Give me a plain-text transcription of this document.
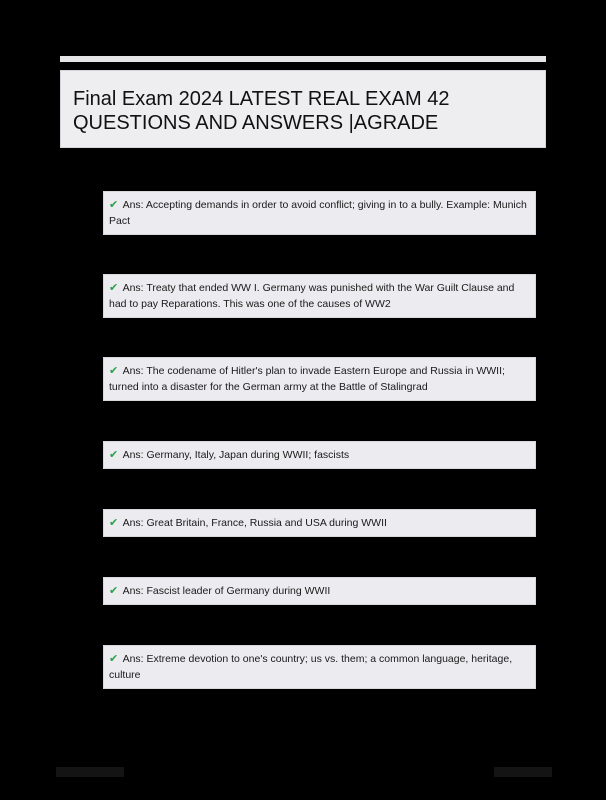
Final Exam 2024 LATEST REAL EXAM 42 QUESTIONS AND ANSWERS |AGRADE
✔ Ans: Accepting demands in order to avoid conflict; giving in to a bully. Example: Munich Pact
✔ Ans: Treaty that ended WW I. Germany was punished with the War Guilt Clause and had to pay Reparations. This was one of the causes of WW2
✔ Ans: The codename of Hitler's plan to invade Eastern Europe and Russia in WWII; turned into a disaster for the German army at the Battle of Stalingrad
✔ Ans: Germany, Italy, Japan during WWII; fascists
✔ Ans: Great Britain, France, Russia and USA during WWII
✔ Ans: Fascist leader of Germany during WWII
✔ Ans: Extreme devotion to one's country; us vs. them; a common language, heritage, culture
